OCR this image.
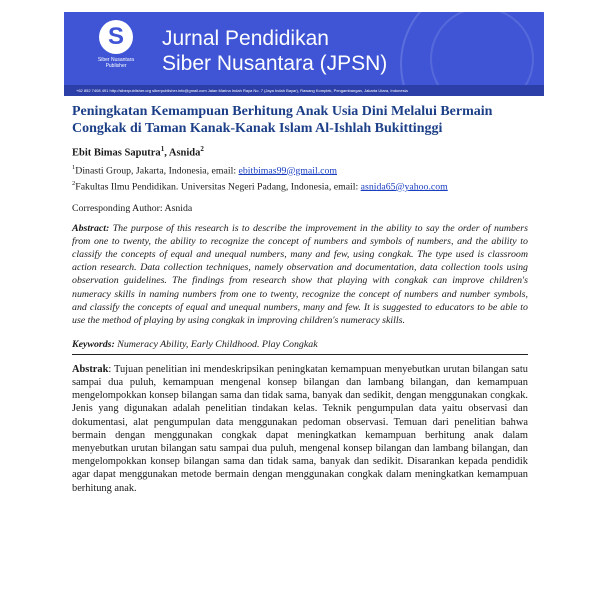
S
Siber Nusantara Publisher
Jurnal Pendidikan
Siber Nusantara (JPSN)
+62 852 7408 491 http://siberpublisher.org siberpublisher.info@gmail.com Jalan Marina Indah Raya No. 7 (Jaya Indah Bayar), Rawang Komplek, Pengambangan, Jakarta Utara, Indonesia
Peningkatan Kemampuan Berhitung Anak Usia Dini Melalui Bermain Congkak di Taman Kanak-Kanak Islam Al-Ishlah Bukittinggi
Ebit Bimas Saputra$^1$, Asnida$^2$
$^1$Dinasti Group, Jakarta, Indonesia, email: ebitbimas99@gmail.com
$^2$Fakultas Ilmu Pendidikan. Universitas Negeri Padang, Indonesia, email: asnida65@yahoo.com
Corresponding Author: Asnida
Abstract: The purpose of this research is to describe the improvement in the ability to say the order of numbers from one to twenty, the ability to recognize the concept of numbers and symbols of numbers, and the ability to classify the concepts of equal and unequal numbers, many and few, using congkak. The type used is classroom action research. Data collection techniques, namely observation and documentation, data collection tools using observation guidelines. The findings from research show that playing with congkak can improve children's numeracy skills in naming numbers from one to twenty, recognize the concept of numbers and number symbols, and classify the concepts of equal and unequal numbers, many and few. It is suggested to educators to be able to use the method of playing by using congkak in improving children's numeracy skills.
Keywords: Numeracy Ability, Early Childhood. Play Congkak
Abstrak: Tujuan penelitian ini mendeskripsikan peningkatan kemampuan menyebutkan urutan bilangan satu sampai dua puluh, kemampuan mengenal konsep bilangan dan lambang bilangan, dan kemampuan mengelompokkan konsep bilangan sama dan tidak sama, banyak dan sedikit, dengan menggunakan congkak. Jenis yang digunakan adalah penelitian tindakan kelas. Teknik pengumpulan data yaitu observasi dan dokumentasi, alat pengumpulan data menggunakan pedoman observasi. Temuan dari penelitian bahwa bermain dengan menggunakan congkak dapat meningkatkan kemampuan berhitung anak dalam menyebutkan urutan bilangan satu sampai dua puluh, mengenal konsep bilangan dan lambang bilangan, dan mengelompokkan konsep bilangan sama dan tidak sama, banyak dan sedikit. Disarankan kepada pendidik agar dapat menggunakan metode bermain dengan menggunakan congkak dalam meningkatkan kemampuan berhitung anak.
